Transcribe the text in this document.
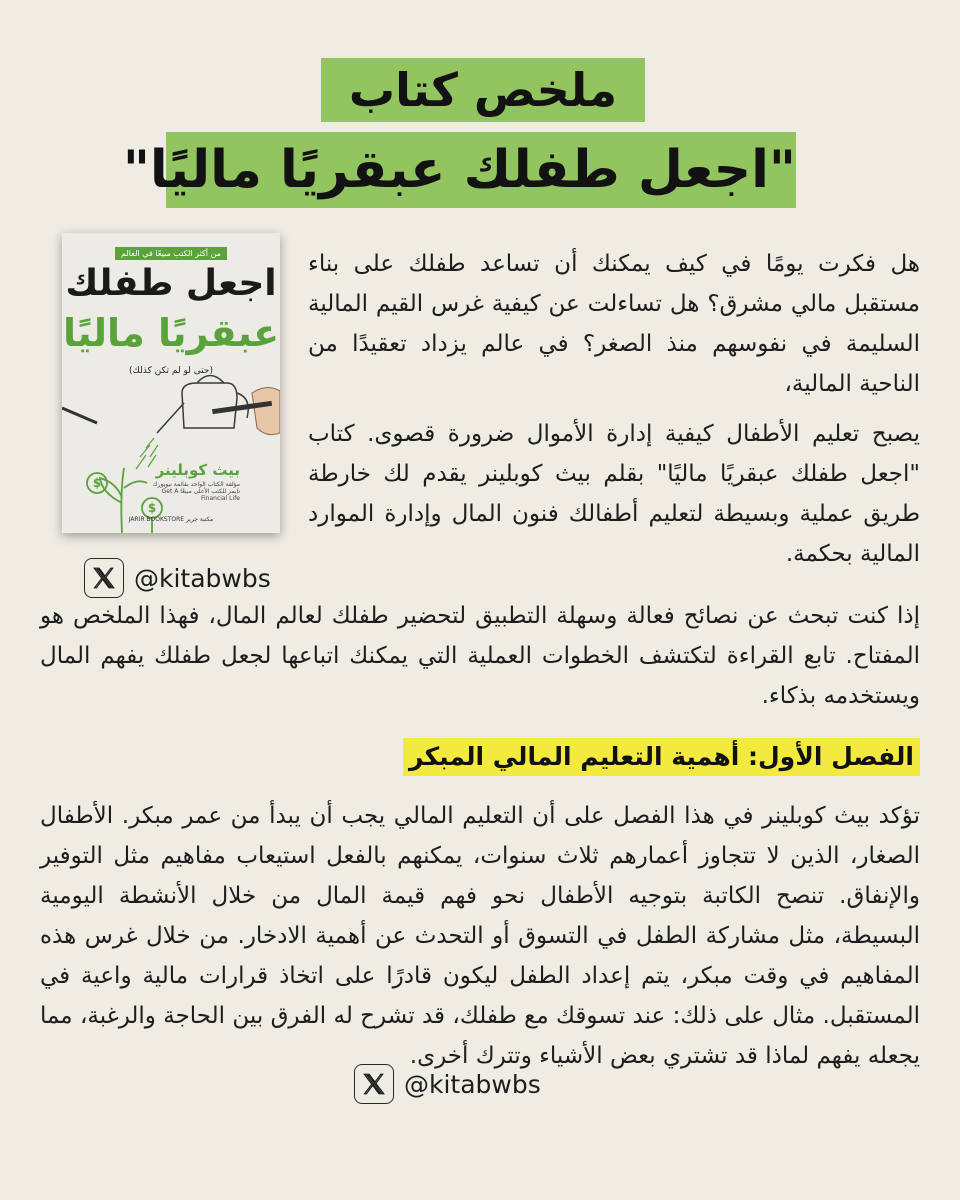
ملخص كتاب
"اجعل طفلك عبقريًا ماليًا"
$
$
من أكثر الكتب مبيعًا في العالم
اجعل طفلك
عبقريًا ماليًا
(حتى لو لم تكن كذلك)
بيث كوبلينر
مؤلفة الكتاب الواحد بقائمة نيويورك تايمز للكتب الأعلى مبيعًا Get A Financial Life
مكتبة جرير JARIR BOOKSTORE
هل فكرت يومًا في كيف يمكنك أن تساعد طفلك على بناء مستقبل مالي مشرق؟ هل تساءلت عن كيفية غرس القيم المالية السليمة في نفوسهم منذ الصغر؟ في عالم يزداد تعقيدًا من الناحية المالية،
يصبح تعليم الأطفال كيفية إدارة الأموال ضرورة قصوى. كتاب "اجعل طفلك عبقريًا ماليًا" بقلم بيث كوبلينر يقدم لك خارطة طريق عملية وبسيطة لتعليم أطفالك فنون المال وإدارة الموارد المالية بحكمة.
@kitabwbs
إذا كنت تبحث عن نصائح فعالة وسهلة التطبيق لتحضير طفلك لعالم المال، فهذا الملخص هو المفتاح. تابع القراءة لتكتشف الخطوات العملية التي يمكنك اتباعها لجعل طفلك يفهم المال ويستخدمه بذكاء.
الفصل الأول: أهمية التعليم المالي المبكر
تؤكد بيث كوبلينر في هذا الفصل على أن التعليم المالي يجب أن يبدأ من عمر مبكر. الأطفال الصغار، الذين لا تتجاوز أعمارهم ثلاث سنوات، يمكنهم بالفعل استيعاب مفاهيم مثل التوفير والإنفاق. تنصح الكاتبة بتوجيه الأطفال نحو فهم قيمة المال من خلال الأنشطة اليومية البسيطة، مثل مشاركة الطفل في التسوق أو التحدث عن أهمية الادخار. من خلال غرس هذه المفاهيم في وقت مبكر، يتم إعداد الطفل ليكون قادرًا على اتخاذ قرارات مالية واعية في المستقبل. مثال على ذلك: عند تسوقك مع طفلك، قد تشرح له الفرق بين الحاجة والرغبة، مما يجعله يفهم لماذا قد تشتري بعض الأشياء وتترك أخرى.
@kitabwbs
